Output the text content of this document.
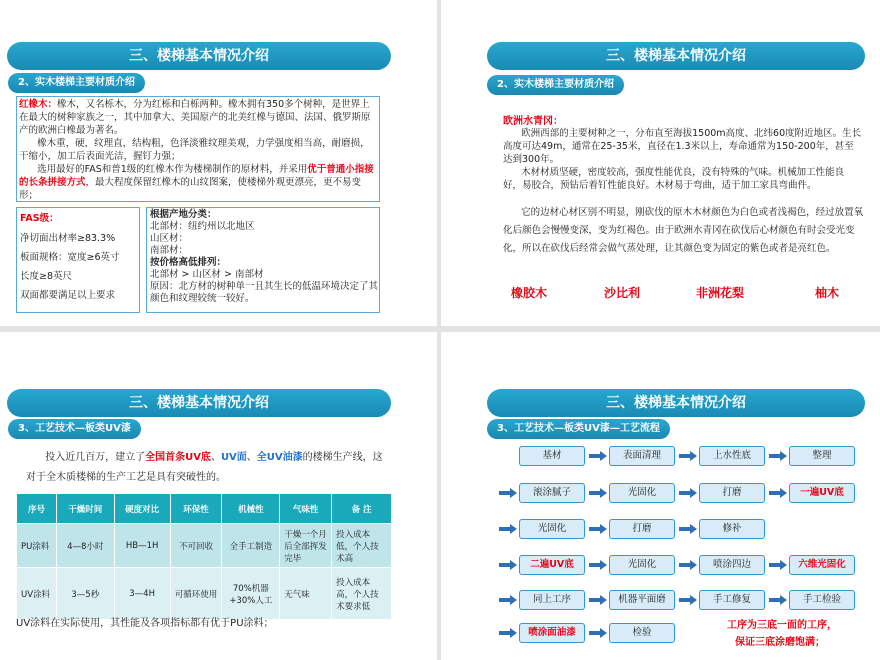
三、楼梯基本情况介绍
2、实木楼梯主要材质介绍
红橡木：橡木，又名栎木，分为红栎和白栎两种。橡木拥有350多个树种，是世界上在最大的树种家族之一，其中加拿大、美国原产的北美红橡与德国、法国、俄罗斯原产的欧洲白橡最为著名。
橡木重，硬，纹理直，结构粗，色泽淡雅纹理美观，力学强度相当高，耐磨损，干缩小，加工后表面光洁，握钉力强；
选用最好的FAS和普1级的红橡木作为楼梯制作的原材料，并采用优于普通小指接的长条拼接方式，最大程度保留红橡木的山纹图案，使楼梯外观更漂亮，更不易变形；
FAS级：
净切面出材率≥83.3%
板面规格：宽度≥6英寸
长度≥8英尺
双面都要满足以上要求
根据产地分类：
北部材：纽约州以北地区
山区材：
南部材：
按价格高低排列：
北部材 > 山区材 > 南部材
原因：北方材的树种单一且其生长的低温环境决定了其颜色和纹理较统一较好。
三、楼梯基本情况介绍
2、实木楼梯主要材质介绍
欧洲水青冈：
欧洲西部的主要树种之一，分布直至海拔1500m高度、北纬60度附近地区。生长高度可达49m，通常在25-35米，直径在1.3米以上，寿命通常为150-200年，甚至达到300年。
木材材质坚硬，密度较高，强度性能优良，没有特殊的气味。机械加工性能良好，易胶合，预钻后着钉性能良好。木材易于弯曲，适于加工家具弯曲件。
它的边材心材区别不明显，刚砍伐的原木木材颜色为白色或者浅褐色，经过放置氧化后颜色会慢慢变深，变为红褐色。由于欧洲水青冈在砍伐后心材颜色有时会受光变化，所以在砍伐后经常会做气蒸处理，让其颜色变为固定的紫色或者是亮红色。
橡胶木	沙比利	非洲花梨	柚木
三、楼梯基本情况介绍
3、工艺技术—板类UV漆
投入近几百万，建立了全国首条UV底、UV面、全UV油漆的楼梯生产线，这对于全木质楼梯的生产工艺是具有突破性的。
序号	干燥时间	硬度对比	环保性	机械性	气味性	备 注
PU涂料	4—8小时	HB—1H	不可回收	全手工制造	干燥一个月后全部挥发完毕	投入成本低，个人技术高
UV涂料	3—5秒	3—4H	可循环使用	70%机器+30%人工	无气味	投入成本高，个人技术要求低
UV涂料在实际使用，其性能及各项指标都有优于PU涂料；
三、楼梯基本情况介绍
3、工艺技术—板类UV漆—工艺流程
基材	表面清理	上水性底	整理
滚涂腻子	光固化	打磨	一遍UV底
光固化	打磨	修补
二遍UV底	光固化	喷涂四边	六维光固化
同上工序	机器平面磨	手工修复	手工检验
喷涂面油漆	检验
工序为三底一面的工序，
保证三底涂磨饱满；
